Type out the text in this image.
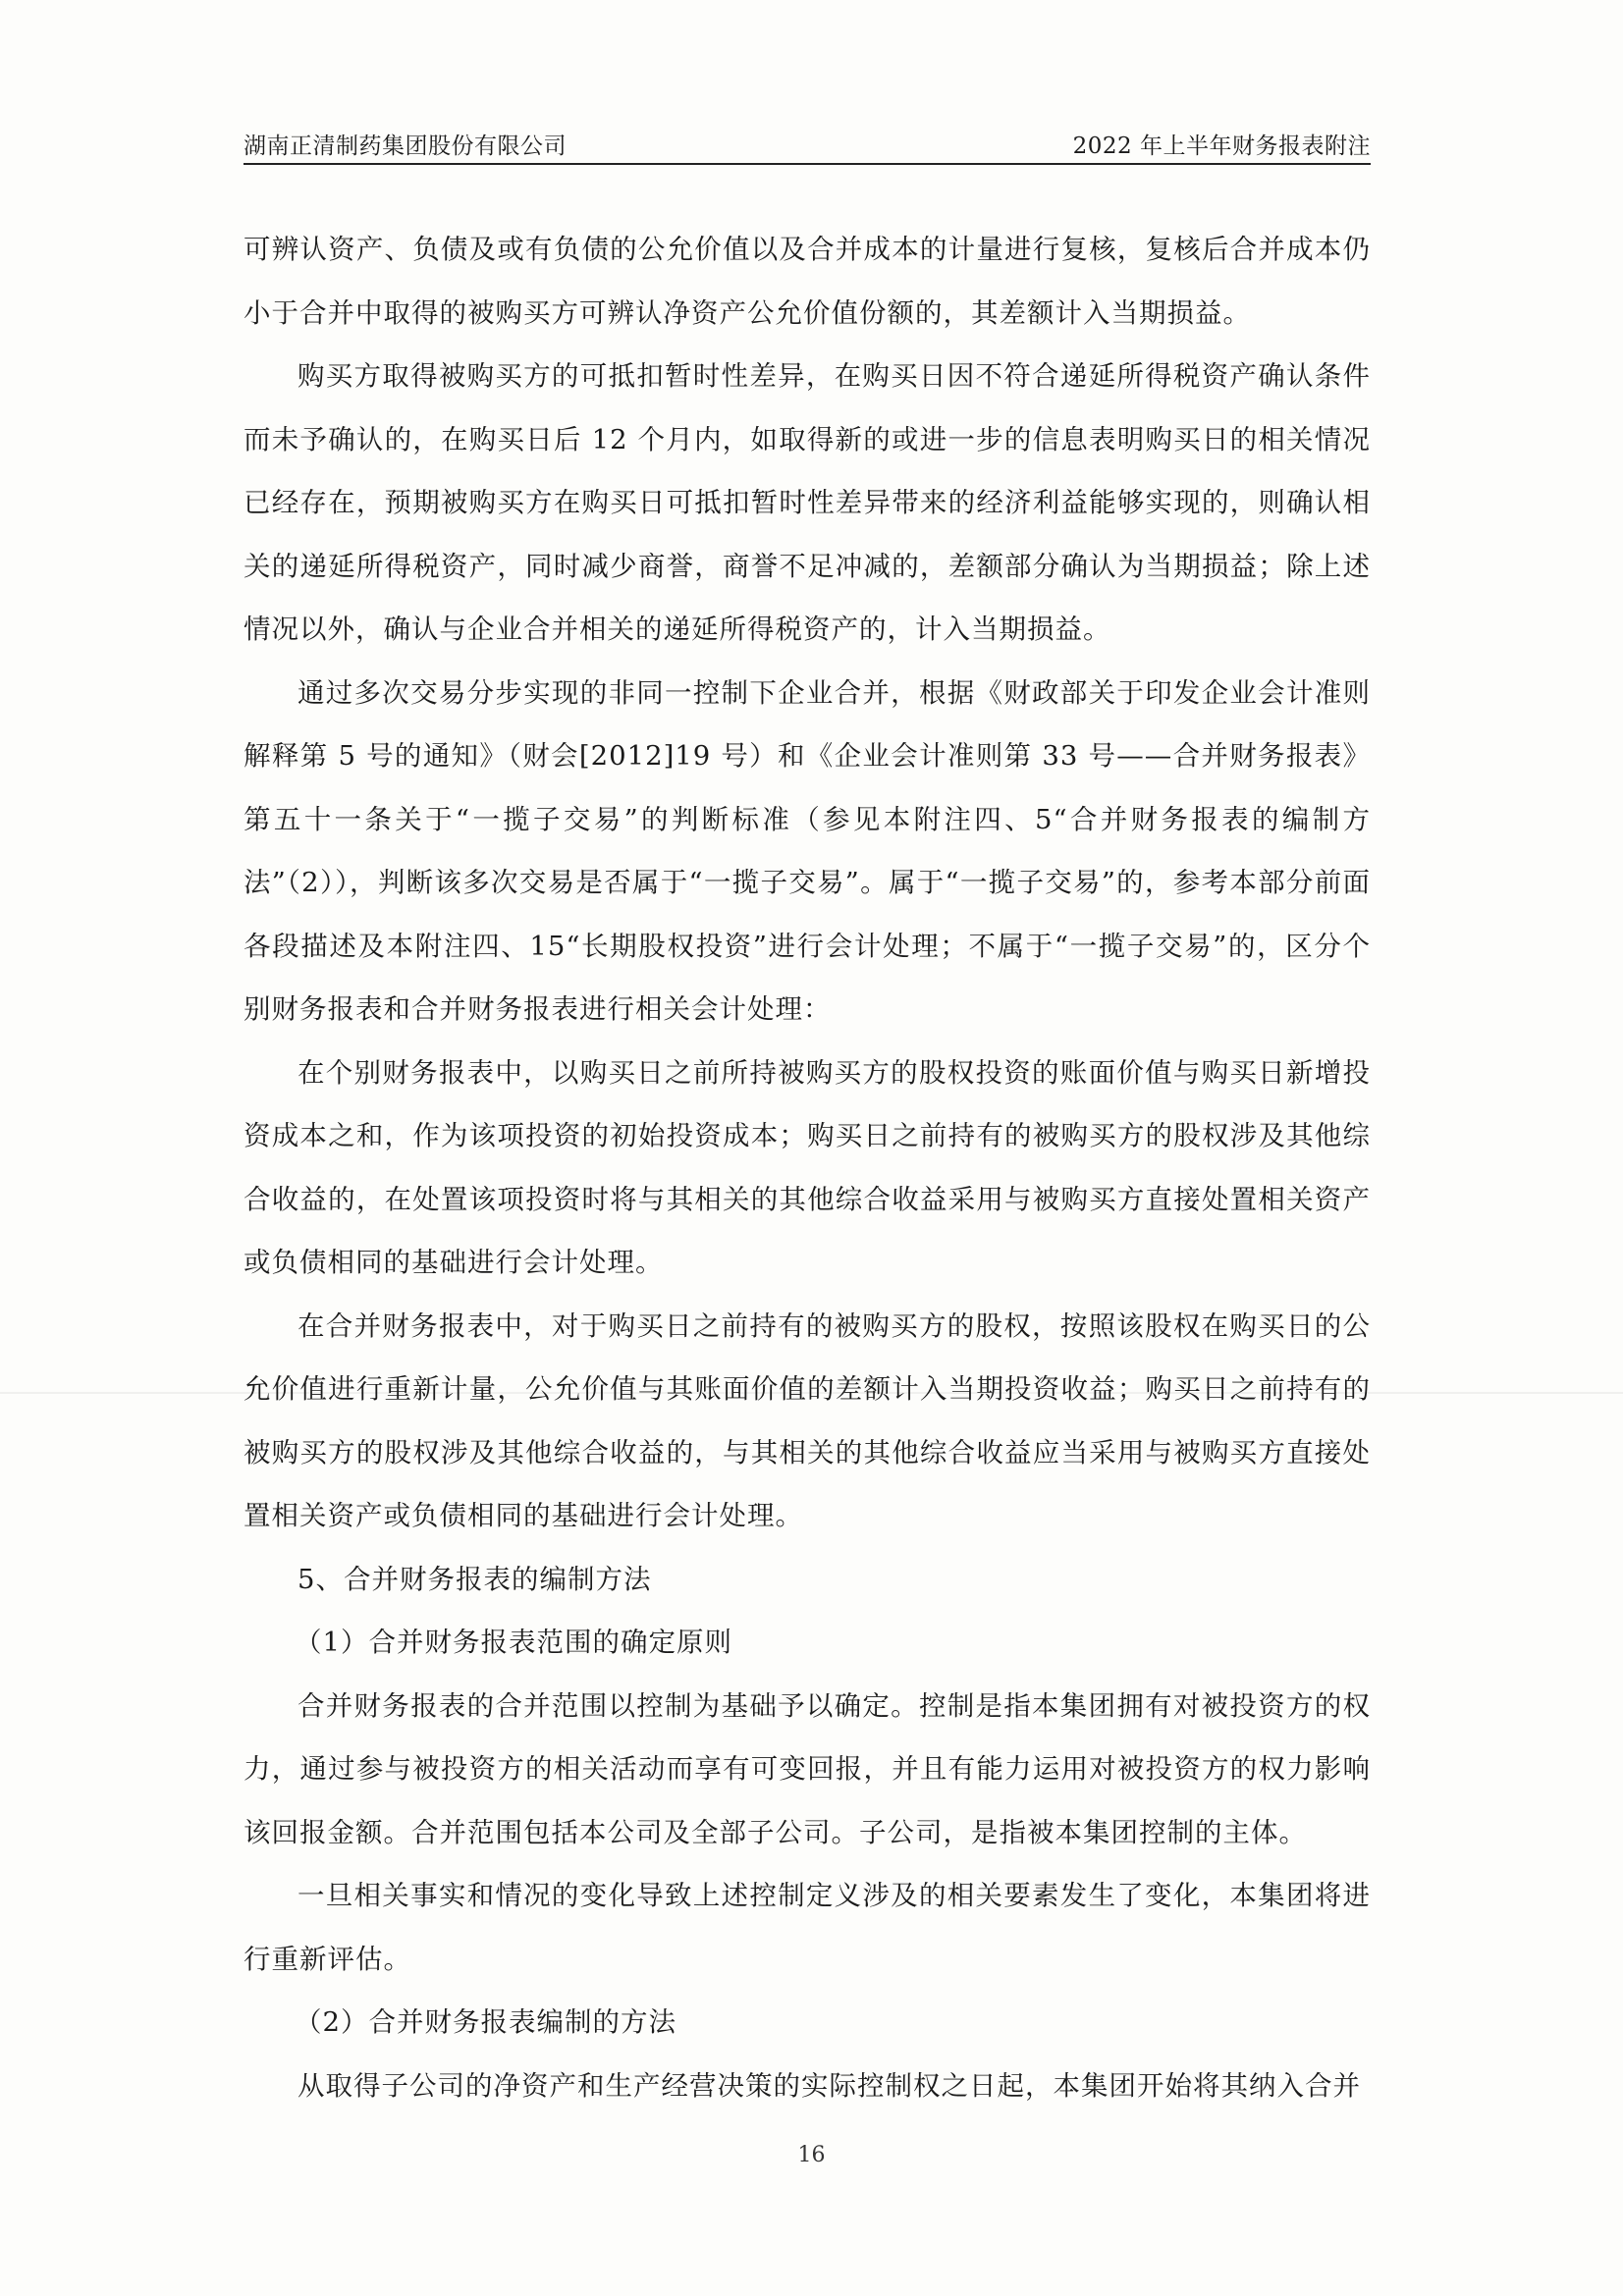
湖南正清制药集团股份有限公司	2022 年上半年财务报表附注

可辨认资产、负债及或有负债的公允价值以及合并成本的计量进行复核，复核后合并成本仍小于合并中取得的被购买方可辨认净资产公允价值份额的，其差额计入当期损益。

购买方取得被购买方的可抵扣暂时性差异，在购买日因不符合递延所得税资产确认条件而未予确认的，在购买日后 12 个月内，如取得新的或进一步的信息表明购买日的相关情况已经存在，预期被购买方在购买日可抵扣暂时性差异带来的经济利益能够实现的，则确认相关的递延所得税资产，同时减少商誉，商誉不足冲减的，差额部分确认为当期损益；除上述情况以外，确认与企业合并相关的递延所得税资产的，计入当期损益。

通过多次交易分步实现的非同一控制下企业合并，根据《财政部关于印发企业会计准则解释第 5 号的通知》（财会[2012]19 号）和《企业会计准则第 33 号——合并财务报表》第五十一条关于“一揽子交易”的判断标准（参见本附注四、5“合并财务报表的编制方法”（2）），判断该多次交易是否属于“一揽子交易”。属于“一揽子交易”的，参考本部分前面各段描述及本附注四、15“长期股权投资”进行会计处理；不属于“一揽子交易”的，区分个别财务报表和合并财务报表进行相关会计处理：

在个别财务报表中，以购买日之前所持被购买方的股权投资的账面价值与购买日新增投资成本之和，作为该项投资的初始投资成本；购买日之前持有的被购买方的股权涉及其他综合收益的，在处置该项投资时将与其相关的其他综合收益采用与被购买方直接处置相关资产或负债相同的基础进行会计处理。

在合并财务报表中，对于购买日之前持有的被购买方的股权，按照该股权在购买日的公允价值进行重新计量，公允价值与其账面价值的差额计入当期投资收益；购买日之前持有的被购买方的股权涉及其他综合收益的，与其相关的其他综合收益应当采用与被购买方直接处置相关资产或负债相同的基础进行会计处理。

5、合并财务报表的编制方法

（1）合并财务报表范围的确定原则

合并财务报表的合并范围以控制为基础予以确定。控制是指本集团拥有对被投资方的权力，通过参与被投资方的相关活动而享有可变回报，并且有能力运用对被投资方的权力影响该回报金额。合并范围包括本公司及全部子公司。子公司，是指被本集团控制的主体。

一旦相关事实和情况的变化导致上述控制定义涉及的相关要素发生了变化，本集团将进行重新评估。

（2）合并财务报表编制的方法

从取得子公司的净资产和生产经营决策的实际控制权之日起，本集团开始将其纳入合并

16
